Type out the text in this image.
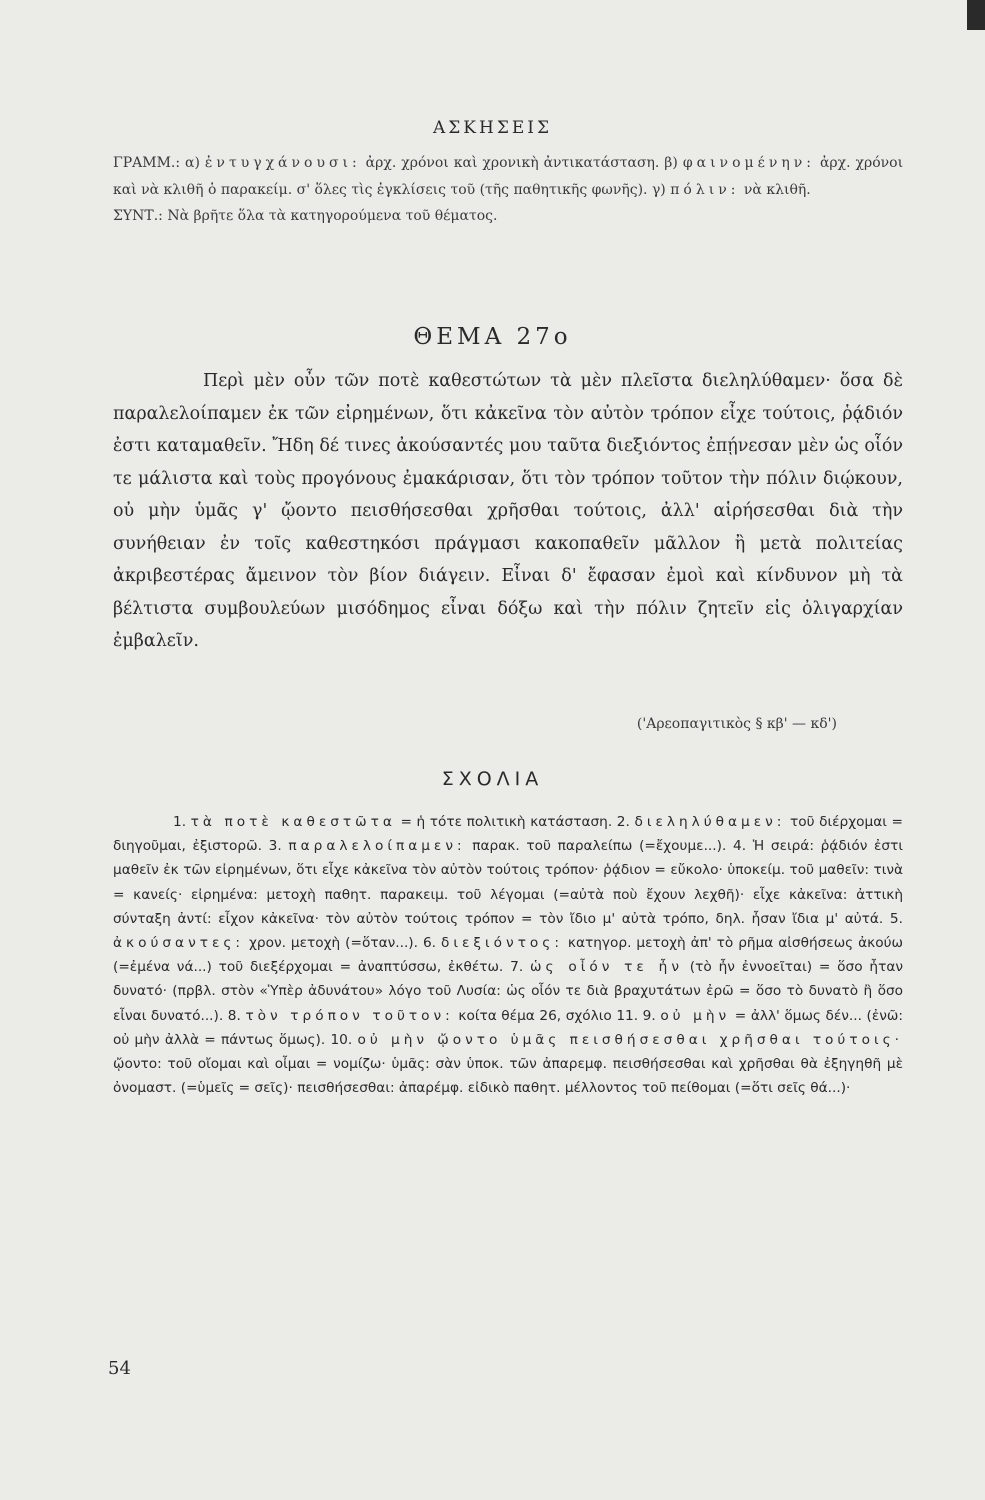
ΑΣΚΗΣΕΙΣ

ΓΡΑΜΜ.: α) ἐντυγχάνουσι: ἀρχ. χρόνοι καὶ χρονικὴ ἀντικατάσταση. β) φαινομένην: ἀρχ. χρόνοι καὶ νὰ κλιθῆ ὁ παρακείμ. σ' ὅλες τὶς ἐγκλίσεις τοῦ (τῆς παθητικῆς φωνῆς). γ) πόλιν: νὰ κλιθῆ.

ΣΥΝΤ.: Νὰ βρῆτε ὅλα τὰ κατηγορούμενα τοῦ θέματος.

ΘΕΜΑ 27ο

Περὶ μὲν οὖν τῶν ποτὲ καθεστώτων τὰ μὲν πλεῖστα διεληλύθαμεν· ὅσα δὲ παραλελοίπαμεν ἐκ τῶν εἰρημένων, ὅτι κἀκεῖνα τὸν αὐτὸν τρόπον εἶχε τούτοις, ῥᾴδιόν ἐστι καταμαθεῖν. Ἤδη δέ τινες ἀκούσαντές μου ταῦτα διεξιόντος ἐπῄνεσαν μὲν ὡς οἷόν τε μάλιστα καὶ τοὺς προγόνους ἐμακάρισαν, ὅτι τὸν τρόπον τοῦτον τὴν πόλιν διῴκουν, οὐ μὴν ὑμᾶς γ' ᾤοντο πεισθήσεσθαι χρῆσθαι τούτοις, ἀλλ' αἱρήσεσθαι διὰ τὴν συνήθειαν ἐν τοῖς καθεστηκόσι πράγμασι κακοπαθεῖν μᾶλλον ἢ μετὰ πολιτείας ἀκριβεστέρας ἄμεινον τὸν βίον διάγειν. Εἶναι δ' ἔφασαν ἐμοὶ καὶ κίνδυνον μὴ τὰ βέλτιστα συμβουλεύων μισόδημος εἶναι δόξω καὶ τὴν πόλιν ζητεῖν εἰς ὀλιγαρχίαν ἐμβαλεῖν.

('Αρεοπαγιτικὸς § κβ' — κδ')
ΣΧΟΛΙΑ

1. τὰ ποτὲ καθεστῶτα = ἡ τότε πολιτικὴ κατάσταση. 2. διεληλύθαμεν: τοῦ διέρχομαι = διηγοῦμαι, ἐξιστορῶ. 3. παραλελοίπαμεν: παρακ. τοῦ παραλείπω (=ἔχουμε...). 4. Ἡ σειρά: ῥᾴδιόν ἐστι μαθεῖν ἐκ τῶν εἰρημένων, ὅτι εἶχε κἀκεῖνα τὸν αὐτὸν τούτοις τρόπον· ῥᾴδιον = εὔκολο· ὑποκείμ. τοῦ μαθεῖν: τινὰ = κανείς· εἰρημένα: μετοχὴ παθητ. παρακειμ. τοῦ λέγομαι (=αὐτὰ ποὺ ἔχουν λεχθῆ)· εἶχε κἀκεῖνα: ἀττικὴ σύνταξη ἀντί: εἶχον κἀκεῖνα· τὸν αὐτὸν τούτοις τρόπον = τὸν ἴδιο μ' αὐτὰ τρόπο, δηλ. ἦσαν ἴδια μ' αὐτά. 5. ἀκούσαντες: χρον. μετοχὴ (=ὅταν...). 6. διεξιόντος: κατηγορ. μετοχὴ ἀπ' τὸ ρῆμα αἰσθήσεως ἀκούω (=ἐμένα νά...) τοῦ διεξέρχομαι = ἀναπτύσσω, ἐκθέτω. 7. ὡς οἷόν τε ἦν (τὸ ἦν ἐννοεῖται) = ὅσο ἦταν δυνατό· (πρβλ. στὸν «Ὑπὲρ ἀδυνάτου» λόγο τοῦ Λυσία: ὡς οἷόν τε διὰ βραχυτάτων ἐρῶ = ὅσο τὸ δυνατὸ ἢ ὅσο εἶναι δυνατό...). 8. τὸν τρόπον τοῦτον: κοίτα θέμα 26, σχόλιο 11. 9. οὐ μὴν = ἀλλ' ὅμως δέν... (ἐνῶ: οὐ μὴν ἀλλὰ = πάντως ὅμως). 10. οὐ μὴν ᾤοντο ὑμᾶς πεισθήσεσθαι χρῆσθαι τούτοις· ᾤοντο: τοῦ οἴομαι καὶ οἶμαι = νομίζω· ὑμᾶς: σὰν ὑποκ. τῶν ἀπαρεμφ. πεισθήσεσθαι καὶ χρῆσθαι θὰ ἐξηγηθῆ μὲ ὀνομαστ. (=ὑμεῖς = σεῖς)· πεισθήσεσθαι: ἀπαρέμφ. εἰδικὸ παθητ. μέλλοντος τοῦ πείθομαι (=ὅτι σεῖς θά...)·

54
